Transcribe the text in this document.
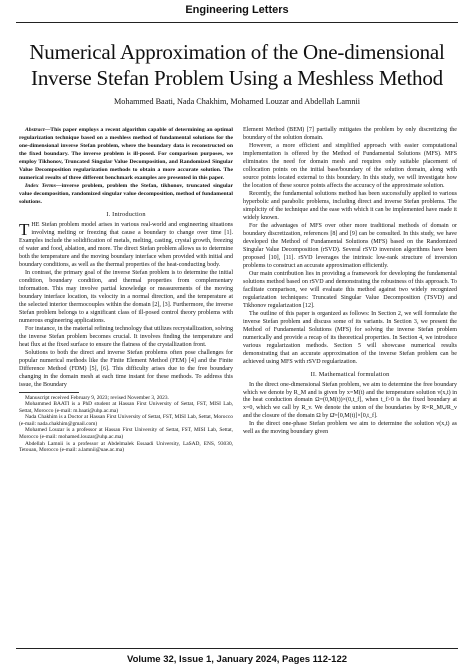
Engineering Letters
Numerical Approximation of the One-dimensional
Inverse Stefan Problem Using a Meshless Method
Mohammed Baati, Nada Chakhim, Mohamed Louzar and Abdellah Lamnii

Abstract—This paper employs a recent algorithm capable of determining an optimal regularization technique based on a meshless method of fundamental solutions for the one-dimensional inverse Stefan problem, where the boundary data is reconstructed on the fixed boundary. The inverse problem is ill-posed. For comparison purposes, we employ Tikhonov, Truncated Singular Value Decomposition, and Randomized Singular Value Decomposition regularization methods to obtain a more accurate solution. The numerical results of three different benchmark examples are presented in this paper.

Index Terms—inverse problem, problem the Stefan, tikhonov, truncated singular value decomposition, randomized singular value decomposition, method of fundamental solutions.

I. Introduction

THE Stefan problem model arises in various real-world and engineering situations involving melting or freezing that cause a boundary to change over time [1]. Examples include the solidification of metals, melting, casting, crystal growth, freezing of water and food, ablation, and more. The direct Stefan problem allows us to determine both the temperature and the moving boundary interface when provided with initial and boundary conditions, as well as the thermal properties of the heat-conducting body.

In contrast, the primary goal of the inverse Stefan problem is to determine the initial condition, boundary condition, and thermal properties from complementary information. This may involve partial knowledge or measurements of the moving boundary interface location, its velocity in a normal direction, and the temperature at the selected interior thermocouples within the domain [2], [3]. Furthermore, the inverse Stefan problem belongs to a significant class of ill-posed control theory problems with numerous engineering applications.

For instance, in the material refining technology that utilizes recrystallization, solving the inverse Stefan problem becomes crucial. It involves finding the temperature and heat flux at the fixed surface to ensure the flatness of the crystallization front.

Solutions to both the direct and inverse Stefan problems often pose challenges for popular numerical methods like the Finite Element Method (FEM) [4] and the Finite Difference Method (FDM) [5], [6]. This difficulty arises due to the free boundary changing in the domain mesh at each time instant for these methods. To address this issue, the Boundary

Manuscript received February 9, 2023; revised November 3, 2023.

Mohammed BAATI is a PhD student at Hassan First University of Settat, FST, MISI Lab, Settat, Morocco (e-mail: m.baati@uhp.ac.ma)

Nada Chakhim is a Doctor at Hassan First University of Settat, FST, MISI Lab, Settat, Morocco (e-mail: nada.chakhim@gmail.com)

Mohamed Louzar is a professor at Hassan First University of Settat, FST, MISI Lab, Settat, Morocco (e-mail: mohamed.louzar@uhp.ac.ma)

Abdellah Lamnii is a professor at Abdelmalek Essaadi University, LaSAD, ENS, 93030, Tetouan, Morocco (e-mail: a.lamnii@uae.ac.ma)

Element Method (BEM) [7] partially mitigates the problem by only discretizing the boundary of the solution domain.

However, a more efficient and simplified approach with easier computational implementation is offered by the Method of Fundamental Solutions (MFS). MFS eliminates the need for domain mesh and requires only suitable placement of collocation points on the initial base/boundary of the solution domain, along with source points located external to this boundary. In this study, we will investigate how the location of these source points affects the accuracy of the approximate solution.

Recently, the fundamental solutions method has been successfully applied to various hyperbolic and parabolic problems, including direct and inverse Stefan problems. The simplicity of the technique and the ease with which it can be implemented have made it widely known.

For the advantages of MFS over other more traditional methods of domain or boundary discretization, references [8] and [9] can be consulted. In this study, we have developed the Method of Fundamental Solutions (MFS) based on the Randomized Singular Value Decomposition (rSVD). Several rSVD inversion algorithms have been proposed [10], [11]. rSVD leverages the intrinsic low-rank structure of inversion problems to construct an accurate approximation efficiently.

Our main contribution lies in providing a framework for developing the fundamental solutions method based on rSVD and demonstrating the robustness of this approach. To facilitate comparison, we will evaluate this method against two widely recognized regularization techniques: Truncated Singular Value Decomposition (TSVD) and Tikhonov regularization [12].

The outline of this paper is organized as follows: In Section 2, we will formulate the inverse Stefan problem and discuss some of its variants. In Section 3, we present the Method of Fundamental Solutions (MFS) for solving the inverse Stefan problem numerically and provide a recap of its theoretical properties. In Section 4, we introduce various regularization methods. Section 5 will showcase numerical results demonstrating that an accurate approximation of the inverse Stefan problem can be achieved using MFS with rSVD regularization.

II. Mathematical formulation

In the direct one-dimensional Stefan problem, we aim to determine the free boundary which we denote by R_M and is given by x=M(t) and the temperature solution v(x,t) in the heat conduction domain Ω=(0,M(t))×(0,t_f], when t_f>0 is the fixed boundary at x=0, which we call by R_v. We denote the union of the boundaries by R=R_M∪R_v and the closure of the domain Ω by Ω̄=[0,M(t)]×[0,t_f].

In the direct one-phase Stefan problem we aim to determine the solution v(x,t) as well as the moving boundary given

Volume 32, Issue 1, January 2024, Pages 112-122
